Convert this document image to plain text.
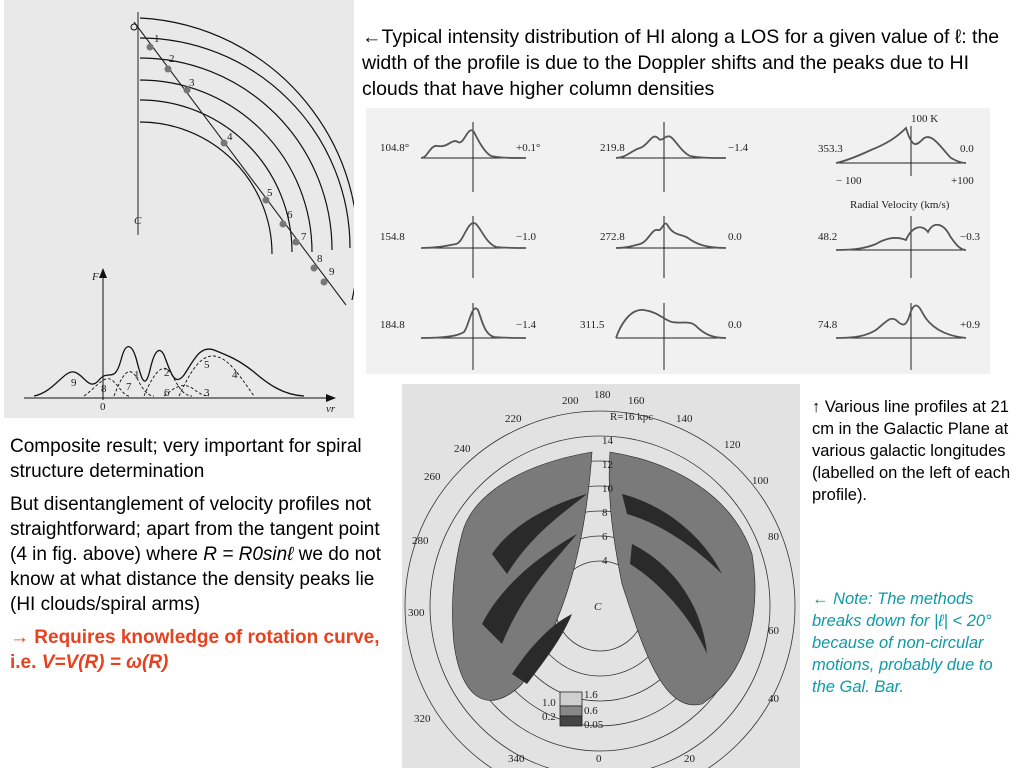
←Typical intensity distribution of HI along a LOS for a given value of ℓ: the width of the profile is due to the Doppler shifts and the peaks due to HI clouds that have higher column densities
1
2
3
4
5
6
7
8
9
C
F
vr
0
9 8 7
1 2
6	3
5
4
100 K
− 100	+100
Radial Velocity (km/s)
104.8°	+0.1°	219.8	−1.4	353.3	0.0
154.8	−1.0	272.8	0.0	48.2	−0.3
184.8	−1.4	311.5	0.0	74.8	+0.9
200 180 160
R=16 kpc
14
12
10
8
6
4
220
240
260
280
300
320
140
120
100
80
60
40
340	0	20
C
1.6
1.0
0.6
0.2
0.05

Composite result; very important for spiral structure determination

But disentanglement of velocity profiles not straightforward; apart from the tangent point (4 in fig. above) where R = R0sinℓ we do not know at what distance the density peaks lie (HI clouds/spiral arms)

→ Requires knowledge of rotation curve, i.e. V=V(R) = ω(R)

↑ Various line profiles at 21 cm in the Galactic Plane at various galactic longitudes (labelled on the left of each profile).
← Note: The methods breaks down for |ℓ| < 20° because of non-circular motions, probably due to the Gal. Bar.
